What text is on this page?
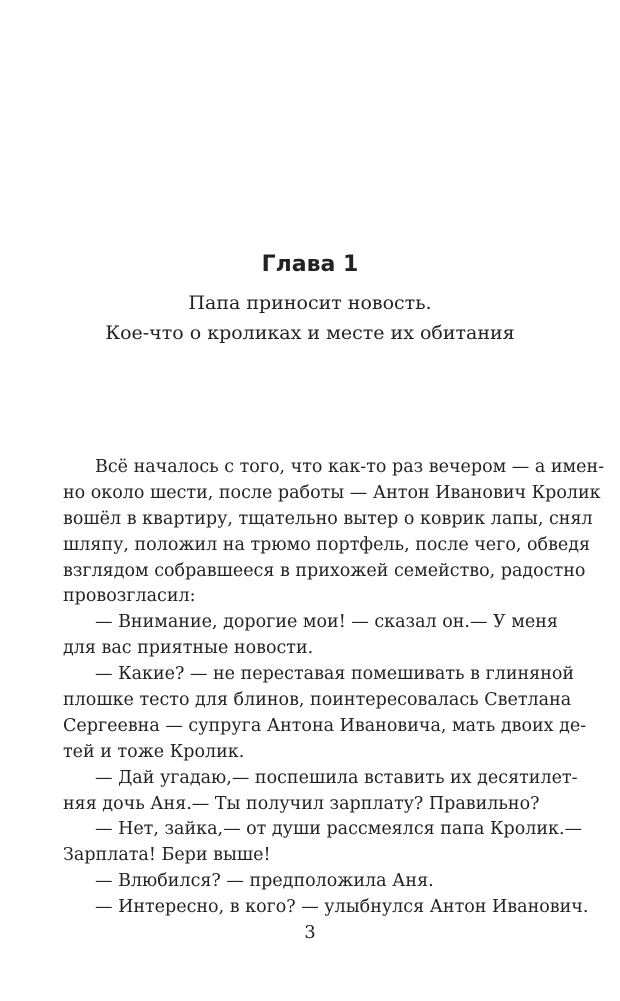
Глава 1
Папа приносит новость.
Кое-что о кроликах и месте их обитания
Всё началось с того, что как-то раз вечером — а имен-
но около шести, после работы — Антон Иванович Кролик
вошёл в квартиру, тщательно вытер о коврик лапы, снял
шляпу, положил на трюмо портфель, после чего, обведя
взглядом собравшееся в прихожей семейство, радостно
провозгласил:
— Внимание, дорогие мои! — сказал он.— У меня
для вас приятные новости.
— Какие? — не переставая помешивать в глиняной
плошке тесто для блинов, поинтересовалась Светлана
Сергеевна — супруга Антона Ивановича, мать двоих де-
тей и тоже Кролик.
— Дай угадаю,— поспешила вставить их десятилет-
няя дочь Аня.— Ты получил зарплату? Правильно?
— Нет, зайка,— от души рассмеялся папа Кролик.—
Зарплата! Бери выше!
— Влюбился? — предположила Аня.
— Интересно, в кого? — улыбнулся Антон Иванович.
3
